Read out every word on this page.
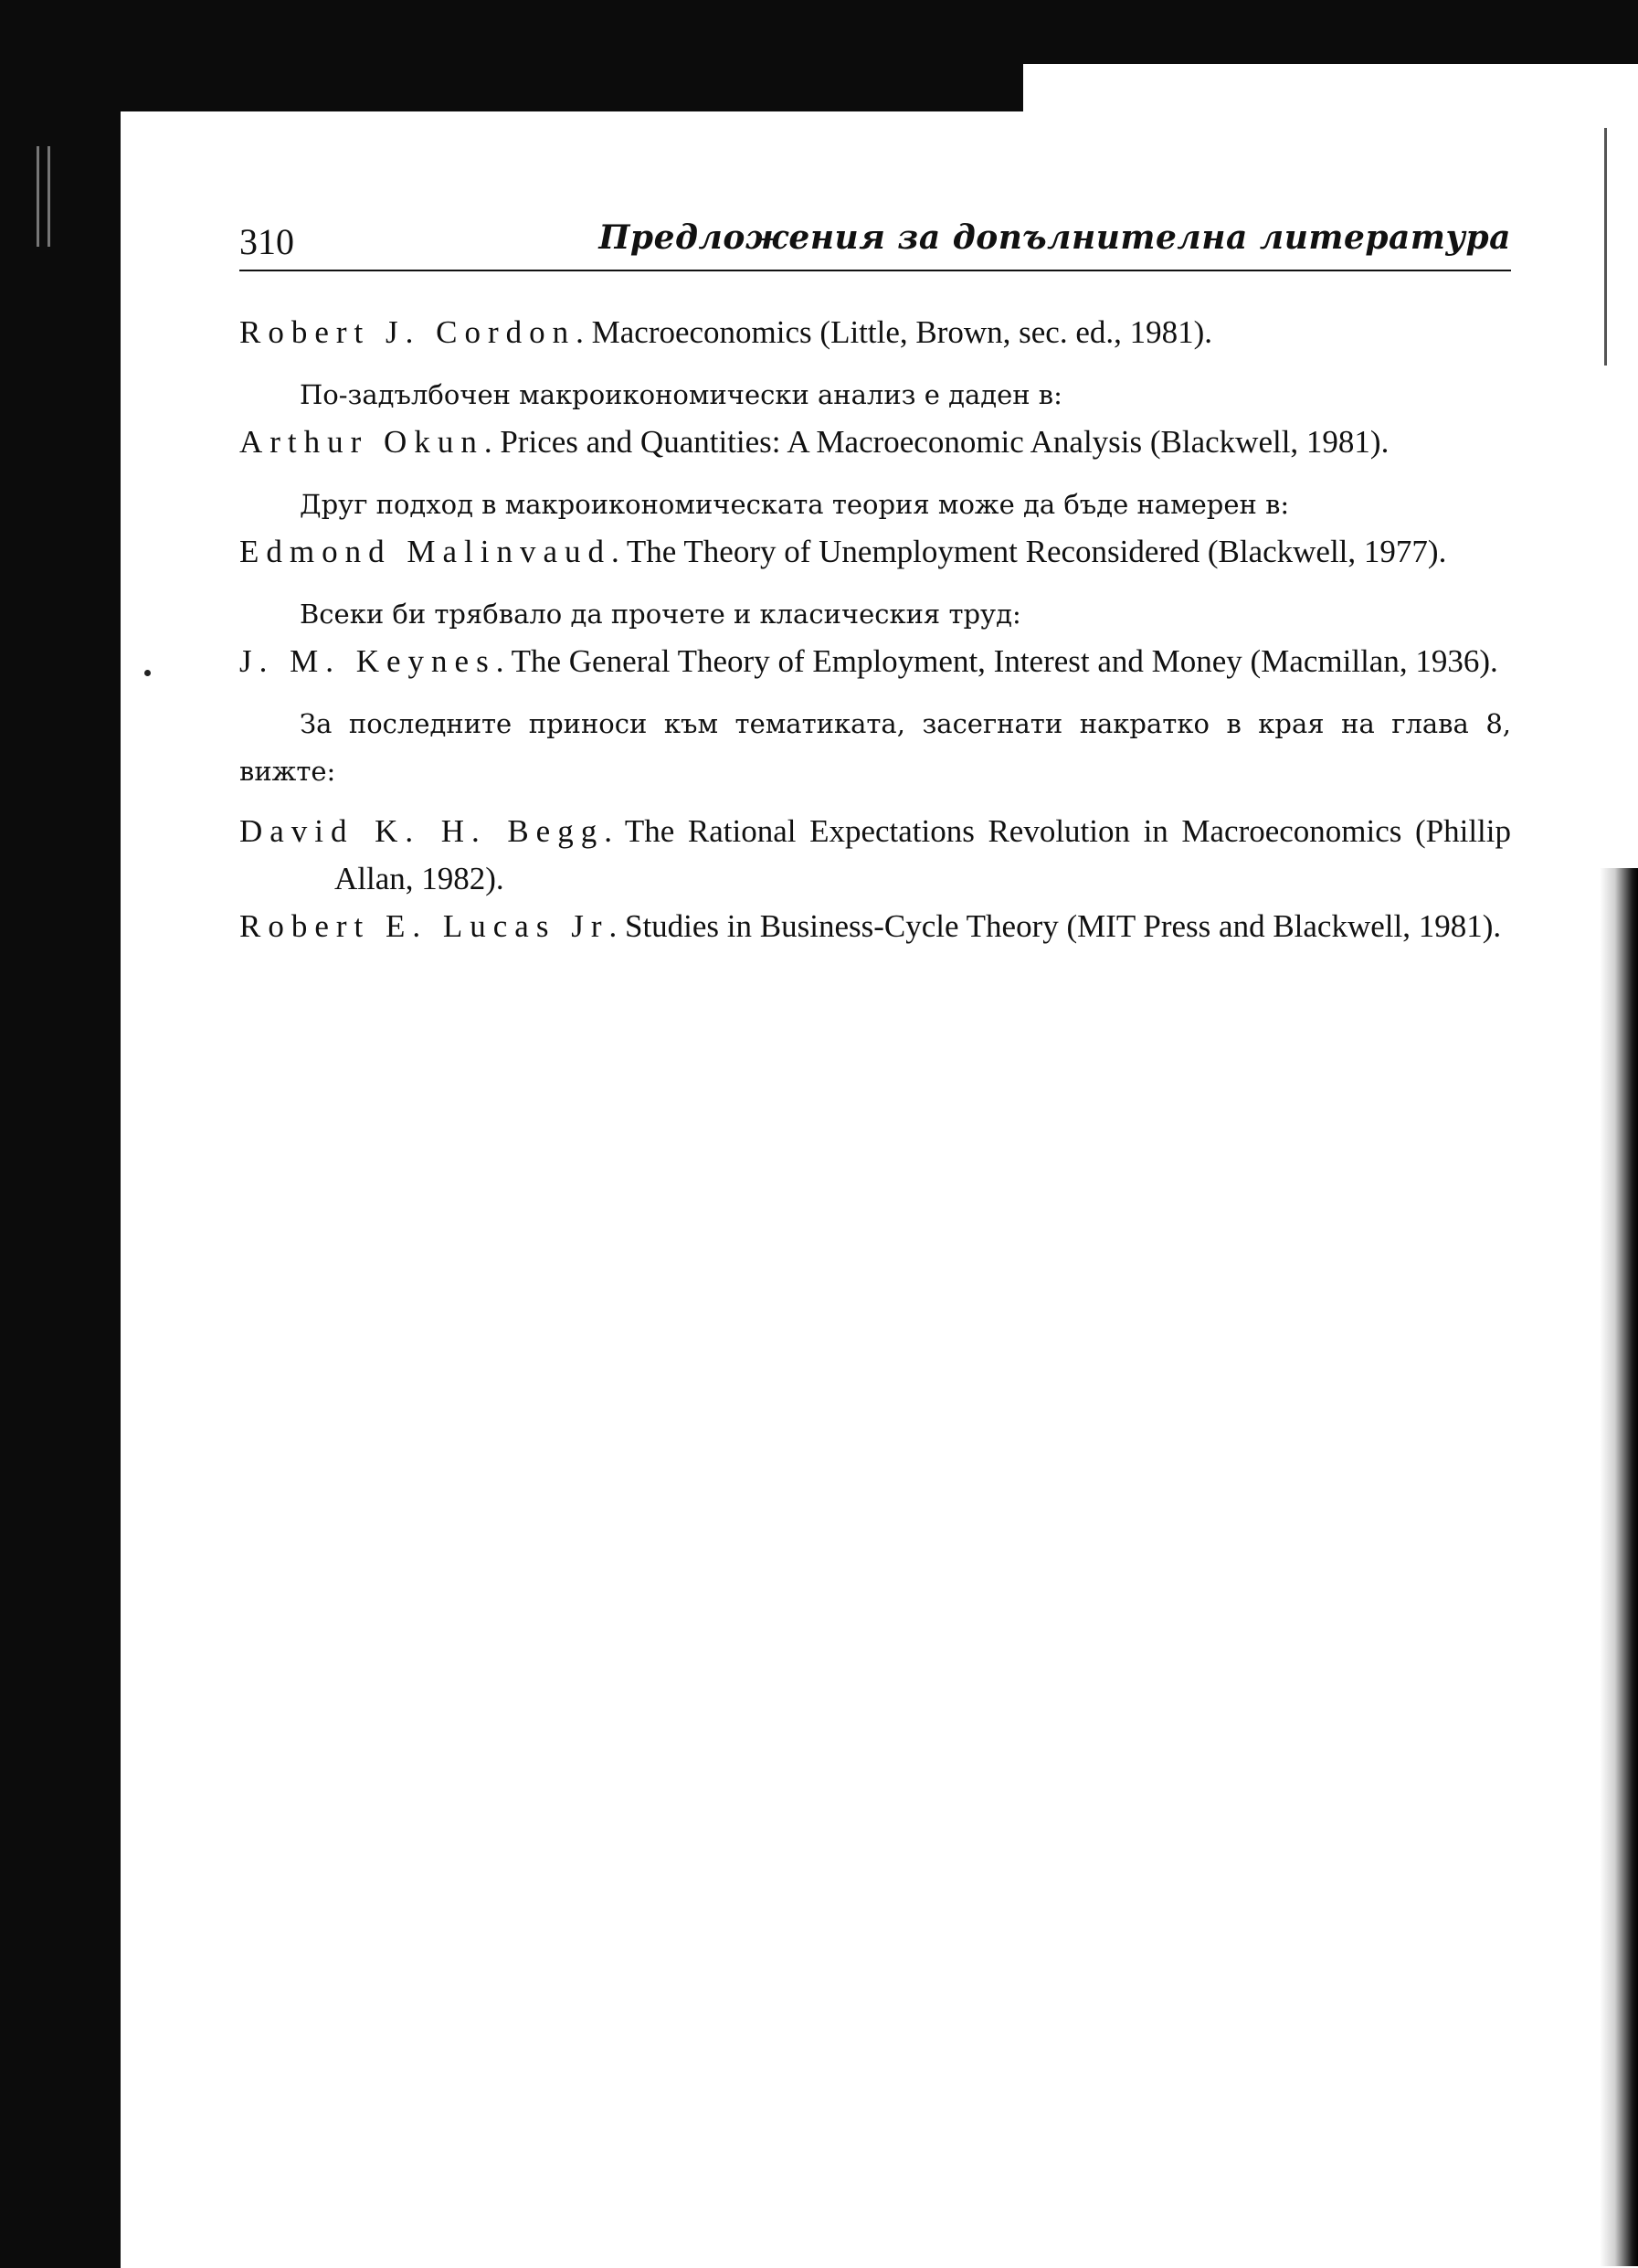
310	Предложения за допълнителна литература
Robert J. Cordon. Macroeconomics (Little, Brown, sec. ed., 1981).
По-задълбочен макроикономически анализ е даден в:
Arthur Okun. Prices and Quantities: A Macroeconomic Analysis (Blackwell, 1981).
Друг подход в макроикономическата теория може да бъде намерен в:
Edmond Malinvaud. The Theory of Unemployment Reconsidered (Blackwell, 1977).
Всеки би трябвало да прочете и класическия труд:
J. M. Keynes. The General Theory of Employment, Interest and Money (Macmillan, 1936).
За последните приноси към тематиката, засегнати накратко в края на глава 8, вижте:
David K. H. Begg. The Rational Expectations Revolution in Macroeconomics (Phillip Allan, 1982).
Robert E. Lucas Jr. Studies in Business-Cycle Theory (MIT Press and Blackwell, 1981).
